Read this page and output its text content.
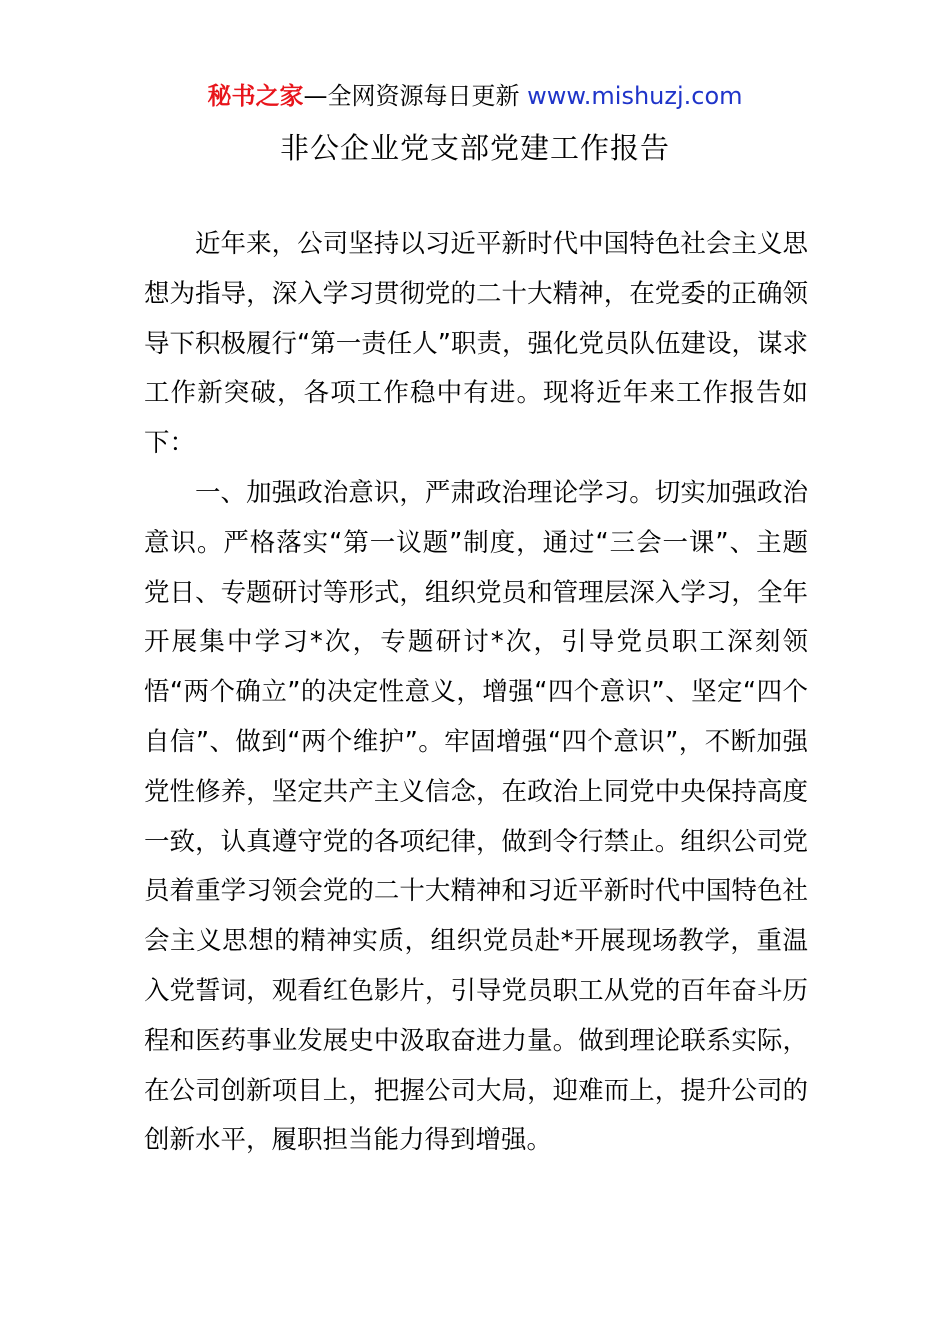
秘书之家—全网资源每日更新 www.mishuzj.com
非公企业党支部党建工作报告

近年来，公司坚持以习近平新时代中国特色社会主义思想为指导，深入学习贯彻党的二十大精神，在党委的正确领导下积极履行“第一责任人”职责，强化党员队伍建设，谋求工作新突破，各项工作稳中有进。现将近年来工作报告如下：

一、加强政治意识，严肃政治理论学习。切实加强政治意识。严格落实“第一议题”制度，通过“三会一课”、主题党日、专题研讨等形式，组织党员和管理层深入学习，全年开展集中学习*次，专题研讨*次，引导党员职工深刻领悟“两个确立”的决定性意义，增强“四个意识”、坚定“四个自信”、做到“两个维护”。牢固增强“四个意识”，不断加强党性修养，坚定共产主义信念，在政治上同党中央保持高度一致，认真遵守党的各项纪律，做到令行禁止。组织公司党员着重学习领会党的二十大精神和习近平新时代中国特色社会主义思想的精神实质，组织党员赴*开展现场教学，重温入党誓词，观看红色影片，引导党员职工从党的百年奋斗历程和医药事业发展史中汲取奋进力量。做到理论联系实际，在公司创新项目上，把握公司大局，迎难而上，提升公司的创新水平，履职担当能力得到增强。
